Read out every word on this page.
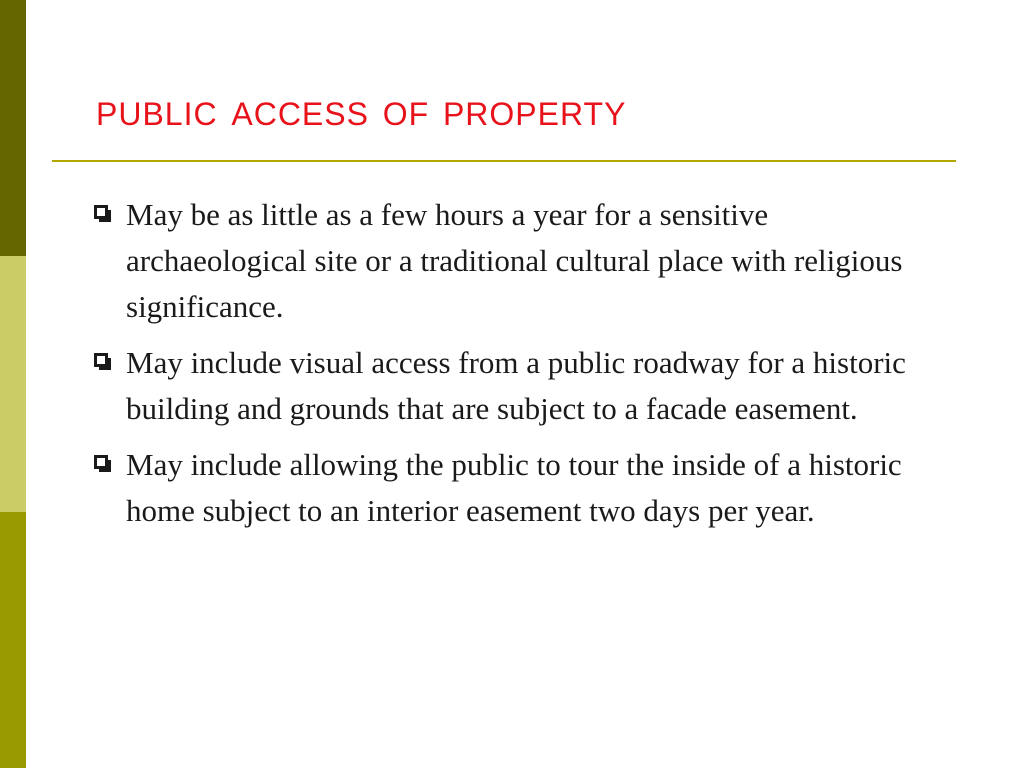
public access of property
May be as little as a few hours a year for a sensitive archaeological site or a traditional cultural place with religious significance.
May include visual access from a public roadway for a historic building and grounds that are subject to a facade easement.
May include allowing the public to tour the inside of a historic home subject to an interior easement two days per year.
